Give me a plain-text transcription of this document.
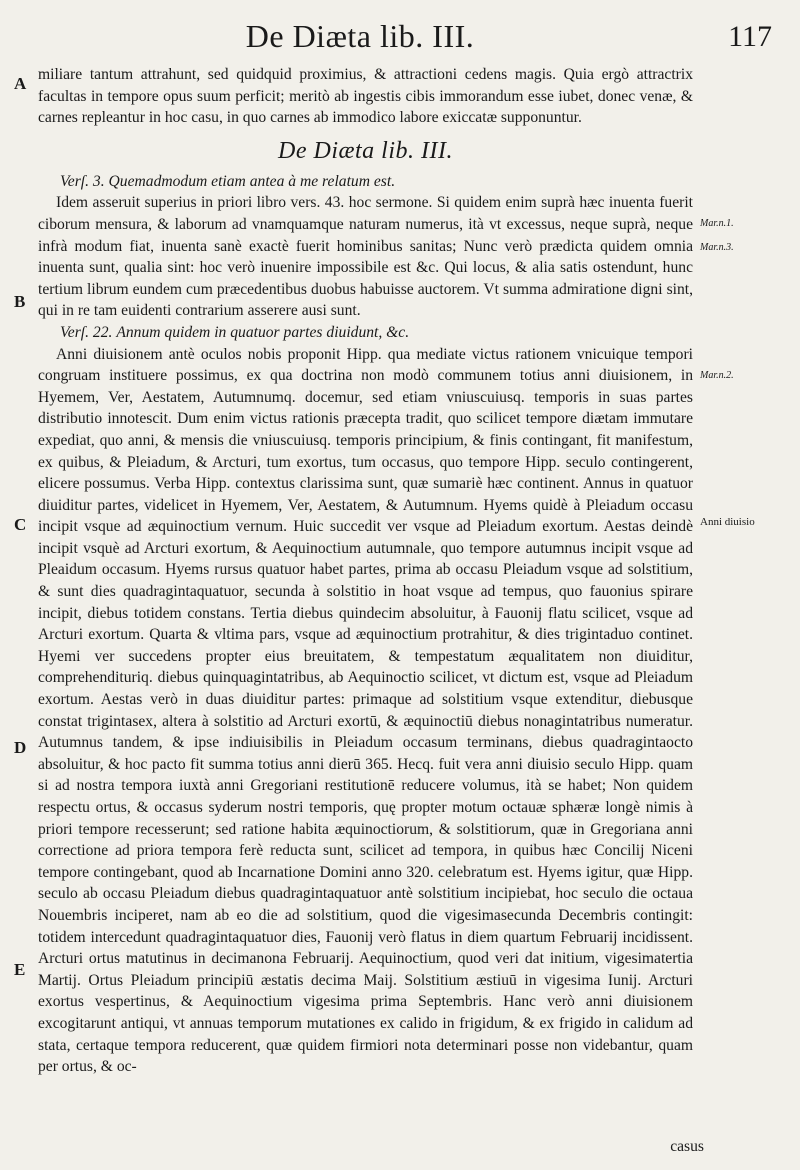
De Diæta lib. III.	117
A
B
C
D
E
Mar.n.1.
Mar.n.3.
Mar.n.2.
Anni diuisio

miliare tantum attrahunt, sed quidquid proximius, & attractioni cedens magis. Quia ergò attractrix facultas in tempore opus suum perficit; meritò ab ingestis cibis immorandum esse iubet, donec venæ, & carnes repleantur in hoc casu, in quo carnes ab immodico labore exiccatæ supponuntur.

De Diæta lib. III.

Verſ. 3. Quemadmodum etiam antea à me relatum est.

Idem asseruit superius in priori libro vers. 43. hoc sermone. Si quidem enim suprà hæc inuenta fuerit ciborum mensura, & laborum ad vnamquamque naturam numerus, ità vt excessus, neque suprà, neque infrà modum fiat, inuenta sanè exactè fuerit hominibus sanitas; Nunc verò prædicta quidem omnia inuenta sunt, qualia sint: hoc verò inuenire impossibile est &c. Qui locus, & alia satis ostendunt, hunc tertium librum eundem cum præcedentibus duobus habuisse auctorem. Vt summa admiratione digni sint, qui in re tam euidenti contrarium asserere ausi sunt.

Verſ. 22. Annum quidem in quatuor partes diuidunt, &c.

Anni diuisionem antè oculos nobis proponit Hipp. qua mediate victus rationem vnicuique tempori congruam instituere possimus, ex qua doctrina non modò communem totius anni diuisionem, in Hyemem, Ver, Aestatem, Autumnumq. docemur, sed etiam vniuscuiusq. temporis in suas partes distributio innotescit. Dum enim victus rationis præcepta tradit, quo scilicet tempore diætam immutare expediat, quo anni, & mensis die vniuscuiusq. temporis principium, & finis contingant, fit manifestum, ex quibus, & Pleiadum, & Arcturi, tum exortus, tum occasus, quo tempore Hipp. seculo contingerent, elicere possumus. Verba Hipp. contextus clarissima sunt, quæ sumariè hæc continent. Annus in quatuor diuiditur partes, videlicet in Hyemem, Ver, Aestatem, & Autumnum. Hyems quidè à Pleiadum occasu incipit vsque ad æquinoctium vernum. Huic succedit ver vsque ad Pleiadum exortum. Aestas deindè incipit vsquè ad Arcturi exortum, & Aequinoctium autumnale, quo tempore autumnus incipit vsque ad Pleaidum occasum. Hyems rursus quatuor habet partes, prima ab occasu Pleiadum vsque ad solstitium, & sunt dies quadragintaquatuor, secunda à solstitio in hoat vsque ad tempus, quo fauonius spirare incipit, diebus totidem constans. Tertia diebus quindecim absoluitur, à Fauonij flatu scilicet, vsque ad Arcturi exortum. Quarta & vltima pars, vsque ad æquinoctium protrahitur, & dies trigintaduo continet. Hyemi ver succedens propter eius breuitatem, & tempestatum æqualitatem non diuiditur, comprehendituriq. diebus quinquagintatribus, ab Aequinoctio scilicet, vt dictum est, vsque ad Pleiadum exortum. Aestas verò in duas diuiditur partes: primaque ad solstitium vsque extenditur, diebusque constat trigintasex, altera à solstitio ad Arcturi exortū, & æquinoctiū diebus nonagintatribus numeratur. Autumnus tandem, & ipse indiuisibilis in Pleiadum occasum terminans, diebus quadragintaocto absoluitur, & hoc pacto fit summa totius anni dierū 365. Hecq. fuit vera anni diuisio seculo Hipp. quam si ad nostra tempora iuxtà anni Gregoriani restitutionē reducere volumus, ità se habet; Non quidem respectu ortus, & occasus syderum nostri temporis, quę propter motum octauæ sphæræ longè nimis à priori tempore recesserunt; sed ratione habita æquinoctiorum, & solstitiorum, quæ in Gregoriana anni correctione ad priora tempora ferè reducta sunt, scilicet ad tempora, in quibus hæc Concilij Niceni tempore contingebant, quod ab Incarnatione Domini anno 320. celebratum est. Hyems igitur, quæ Hipp. seculo ab occasu Pleiadum diebus quadragintaquatuor antè solstitium incipiebat, hoc seculo die octaua Nouembris inciperet, nam ab eo die ad solstitium, quod die vigesimasecunda Decembris contingit: totidem intercedunt quadragintaquatuor dies, Fauonij verò flatus in diem quartum Februarij incidissent. Arcturi ortus matutinus in decimanona Februarij. Aequinoctium, quod veri dat initium, vigesimatertia Martij. Ortus Pleiadum principiū æstatis decima Maij. Solstitium æstiuū in vigesima Iunij. Arcturi exortus vespertinus, & Aequinoctium vigesima prima Septembris. Hanc verò anni diuisionem excogitarunt antiqui, vt annuas temporum mutationes ex calido in frigidum, & ex frigido in calidum ad stata, certaque tempora reducerent, quæ quidem firmiori nota determinari posse non videbantur, quam per ortus, & oc-

casus
